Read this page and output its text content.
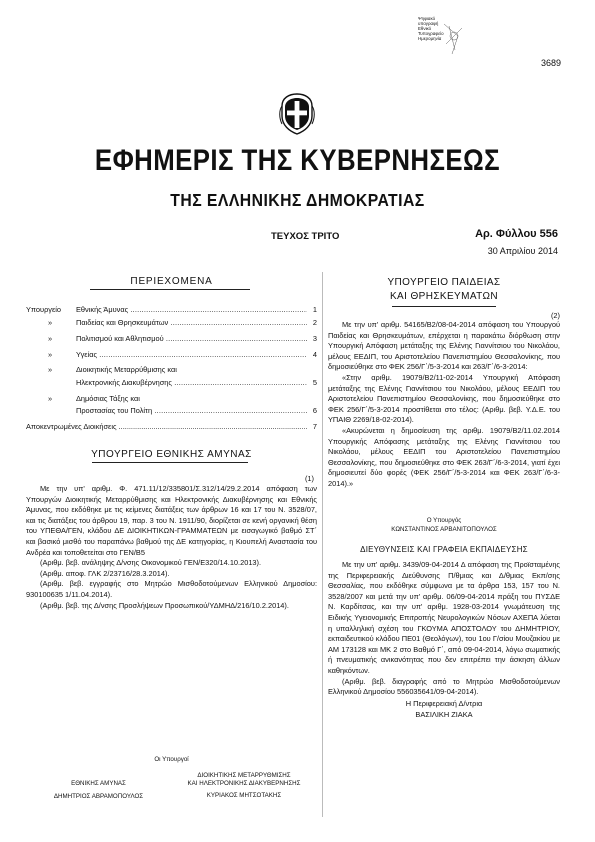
Ψηφιακό
υπογραφή
Εθνικό
Τυπογραφείο
Ημερομηνία
3689
ΕΦΗΜΕΡΙΣ ΤΗΣ ΚΥΒΕΡΝΗΣΕΩΣ
ΤΗΣ ΕΛΛΗΝΙΚΗΣ ΔΗΜΟΚΡΑΤΙΑΣ
ΤΕΥΧΟΣ ΤΡΙΤΟ	Αρ. Φύλλου 556
30 Απριλίου 2014
ΠΕΡΙΕΧΟΜΕΝΑ
Υπουργείο	Εθνικής Άμυνας .....	1
»	Παιδείας και Θρησκευμάτων .....	2
»	Πολιτισμού και Αθλητισμού .....	3
»	Υγείας .....	4
»	Διοικητικής Μεταρρύθμισης και
Ηλεκτρονικής Διακυβέρνησης .....	5
»	Δημόσιας Τάξης και
Προστασίας του Πολίτη .....	6
Αποκεντρωμένες Διοικήσεις .....	7
ΥΠΟΥΡΓΕΙΟ ΕΘΝΙΚΗΣ ΑΜΥΝΑΣ
(1)

Με την υπ' αριθμ. Φ. 471.11/12/335801/Σ.312/14/29.2.2014 απόφαση των Υπουργών Διοικητικής Μεταρρύθμισης και Ηλεκτρονικής Διακυβέρνησης και Εθνικής Άμυνας, που εκδόθηκε με τις κείμενες διατάξεις των άρθρων 16 και 17 του Ν. 3528/07, και τις διατάξεις του άρθρου 19, παρ. 3 του Ν. 1911/90, διορίζεται σε κενή οργανική θέση του ΥΠΕΘΑ/ΓΕΝ, κλάδου ΔΕ ΔΙΟΙΚΗΤΙΚΩΝ-ΓΡΑΜΜΑΤΕΩΝ με εισαγωγικό βαθμό ΣΤ΄ και βασικό μισθό του παραπάνω βαθμού της ΔΕ κατηγορίας, η Κιουπελή Αναστασία του Ανδρέα και τοποθετείται στο ΓΕΝ/Β5

(Αριθμ. βεβ. ανάληψης Δ/νσης Οικονομικού ΓΕΝ/Ε320/14.10.2013).

(Αριθμ. αποφ. ΓΛΚ 2/23716/28.3.2014).

(Αριθμ. βεβ. εγγραφής στο Μητρώο Μισθοδοτούμενων Ελληνικού Δημοσίου: 930100635 1/11.04.2014).

(Αριθμ. βεβ. της Δ/νσης Προσλήψεων Προσωπικού/ΥΔΜΗΔ/216/10.2.2014).

Οι Υπουργοί
ΕΘΝΙΚΗΣ ΑΜΥΝΑΣ
ΔΗΜΗΤΡΙΟΣ ΑΒΡΑΜΟΠΟΥΛΟΣ
ΔΙΟΙΚΗΤΙΚΗΣ ΜΕΤΑΡΡΥΘΜΙΣΗΣ
ΚΑΙ ΗΛΕΚΤΡΟΝΙΚΗΣ ΔΙΑΚΥΒΕΡΝΗΣΗΣ
ΚΥΡΙΑΚΟΣ ΜΗΤΣΟΤΑΚΗΣ
ΥΠΟΥΡΓΕΙΟ ΠΑΙΔΕΙΑΣ
ΚΑΙ ΘΡΗΣΚΕΥΜΑΤΩΝ
(2)

Με την υπ' αριθμ. 54165/Β2/08-04-2014 απόφαση του Υπουργού Παιδείας και Θρησκευμάτων, επέρχεται η παρακάτω διόρθωση στην Υπουργική Απόφαση μετάταξης της Ελένης Γιαννίτσιου του Νικολάου, μέλους ΕΕΔΙΠ, του Αριστοτελείου Πανεπιστημίου Θεσσαλονίκης, που δημοσιεύθηκε στο ΦΕΚ 256/Γ΄/5-3-2014 και 263/Γ΄/6-3-2014:

«Στην αριθμ. 19079/Β2/11-02-2014 Υπουργική Απόφαση μετάταξης της Ελένης Γιαννίτσιου του Νικολάου, μέλους ΕΕΔΙΠ του Αριστοτελείου Πανεπιστημίου Θεσσαλονίκης, που δημοσιεύθηκε στο ΦΕΚ 256/Γ΄/5-3-2014 προστίθεται στο τέλος: (Αριθμ. βεβ. Υ.Δ.Ε. του ΥΠΑΙΘ 2269/18-02-2014).

«Ακυρώνεται η δημοσίευση της αριθμ. 19079/Β2/11.02.2014 Υπουργικής Απόφασης μετάταξης της Ελένης Γιαννίτσιου του Νικολάου, μέλους ΕΕΔΙΠ του Αριστοτελείου Πανεπιστημίου Θεσσαλονίκης, που δημοσιεύθηκε στο ΦΕΚ 263/Γ΄/6-3-2014, γιατί έχει δημοσιευτεί δύο φορές (ΦΕΚ 256/Γ΄/5-3-2014 και ΦΕΚ 263/Γ΄/6-3-2014).»

Ο Υπουργός
ΚΩΝΣΤΑΝΤΙΝΟΣ ΑΡΒΑΝΙΤΟΠΟΥΛΟΣ
ΔΙΕΥΘΥΝΣΕΙΣ ΚΑΙ ΓΡΑΦΕΙΑ ΕΚΠΑΙΔΕΥΣΗΣ

Με την υπ' αριθμ. 3439/09-04-2014 Δ απόφαση της Προϊσταμένης της Περιφερειακής Διεύθυνσης Π/θμιας και Δ/θμιας Εκπ/σης Θεσσαλίας, που εκδόθηκε σύμφωνα με τα άρθρα 153, 157 του Ν. 3528/2007 και μετά την υπ' αριθμ. 06/09-04-2014 πράξη του ΠΥΣΔΕ Ν. Καρδίτσας, και την υπ' αριθμ. 1928-03-2014 γνωμάτευση της Ειδικής Υγειονομικής Επιτροπής Νευρολογικών Νόσων ΑΧΕΠΑ λύεται η υπαλληλική σχέση του ΓΚΟΥΜΑ ΑΠΟΣΤΟΛΟΥ του ΔΗΜΗΤΡΙΟΥ, εκπαιδευτικού κλάδου ΠΕ01 (Θεολόγων), του 1ου Γ/σίου Μουζακίου με ΑΜ 173128 και ΜΚ 2 στο Βαθμό Γ΄, από 09-04-2014, λόγω σωματικής ή πνευματικής ανικανότητας που δεν επιτρέπει την άσκηση άλλων καθηκόντων.

(Αριθμ. βεβ. διαγραφής από το Μητρώο Μισθοδοτούμενων Ελληνικού Δημοσίου 556035641/09-04-2014).

Η Περιφερειακή Δ/ντρια
ΒΑΣΙΛΙΚΗ ΖΙΑΚΑ
